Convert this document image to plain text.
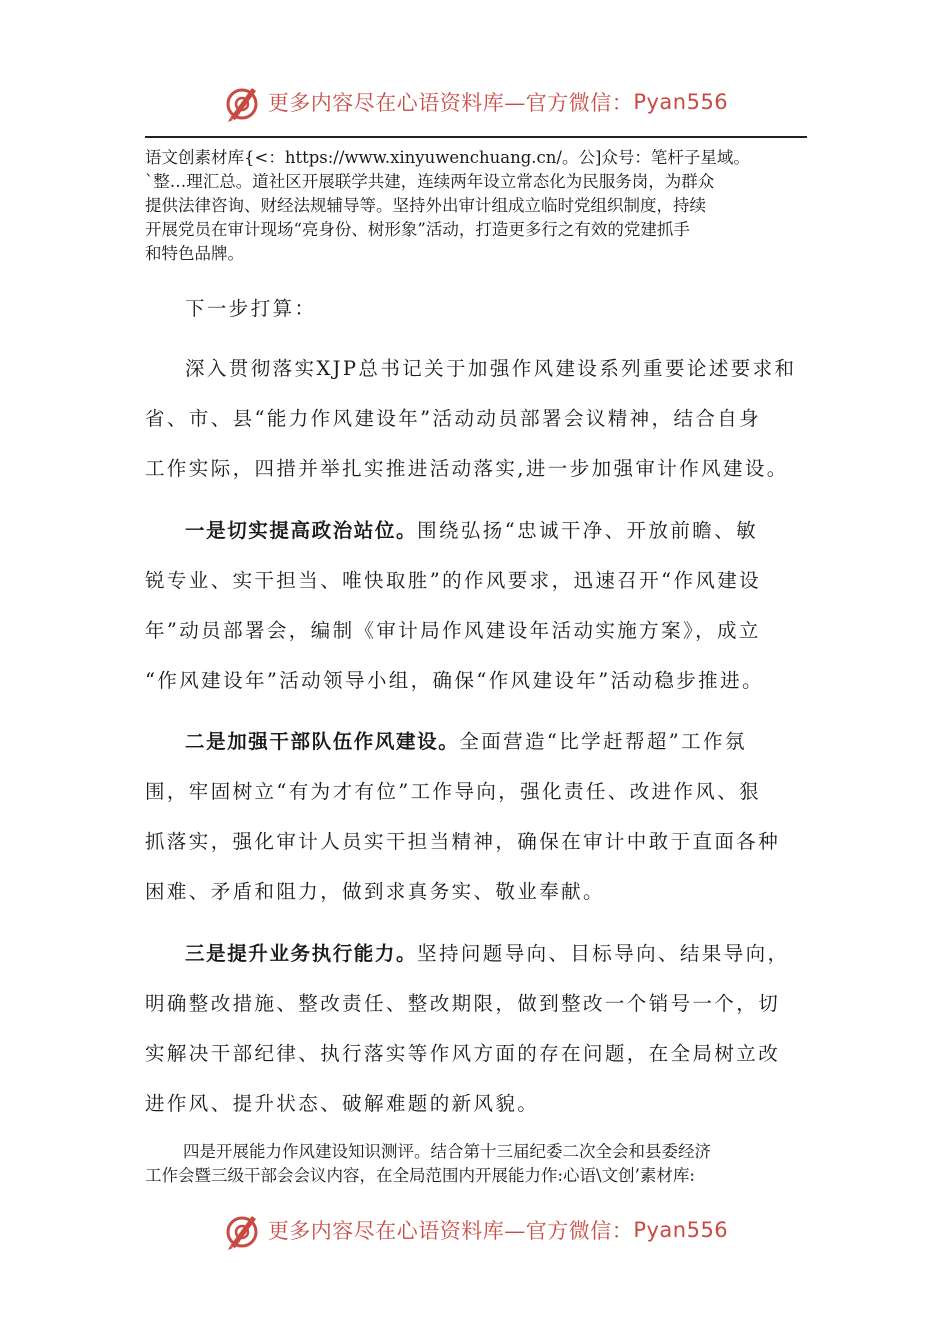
更多内容尽在心语资料库—官方微信： Pyan556

语文创素材库{<：https://www.xinyuwenchuang.cn/。公]众号：笔杆子星域。
`整…理汇总。道社区开展联学共建，连续两年设立常态化为民服务岗，为群众
提供法律咨询、财经法规辅导等。坚持外出审计组成立临时党组织制度，持续
开展党员在审计现场“亮身份、树形象”活动，打造更多行之有效的党建抓手
和特色品牌。

下一步打算：

深入贯彻落实XJP总书记关于加强作风建设系列重要论述要求和
省、市、县“能力作风建设年”活动动员部署会议精神，结合自身
工作实际，四措并举扎实推进活动落实,进一步加强审计作风建设。

一是切实提高政治站位。围绕弘扬“忠诚干净、开放前瞻、敏
锐专业、实干担当、唯快取胜”的作风要求，迅速召开“作风建设
年”动员部署会，编制《审计局作风建设年活动实施方案》，成立
“作风建设年”活动领导小组，确保“作风建设年”活动稳步推进。

二是加强干部队伍作风建设。全面营造“比学赶帮超”工作氛
围，牢固树立“有为才有位”工作导向，强化责任、改进作风、狠
抓落实，强化审计人员实干担当精神，确保在审计中敢于直面各种
困难、矛盾和阻力，做到求真务实、敬业奉献。

三是提升业务执行能力。坚持问题导向、目标导向、结果导向，
明确整改措施、整改责任、整改期限，做到整改一个销号一个，切
实解决干部纪律、执行落实等作风方面的存在问题，在全局树立改
进作风、提升状态、破解难题的新风貌。

四是开展能力作风建设知识测评。结合第十三届纪委二次全会和县委经济
工作会暨三级干部会会议内容，在全局范围内开展能力作:心语\文创’素材库:

更多内容尽在心语资料库—官方微信： Pyan556
